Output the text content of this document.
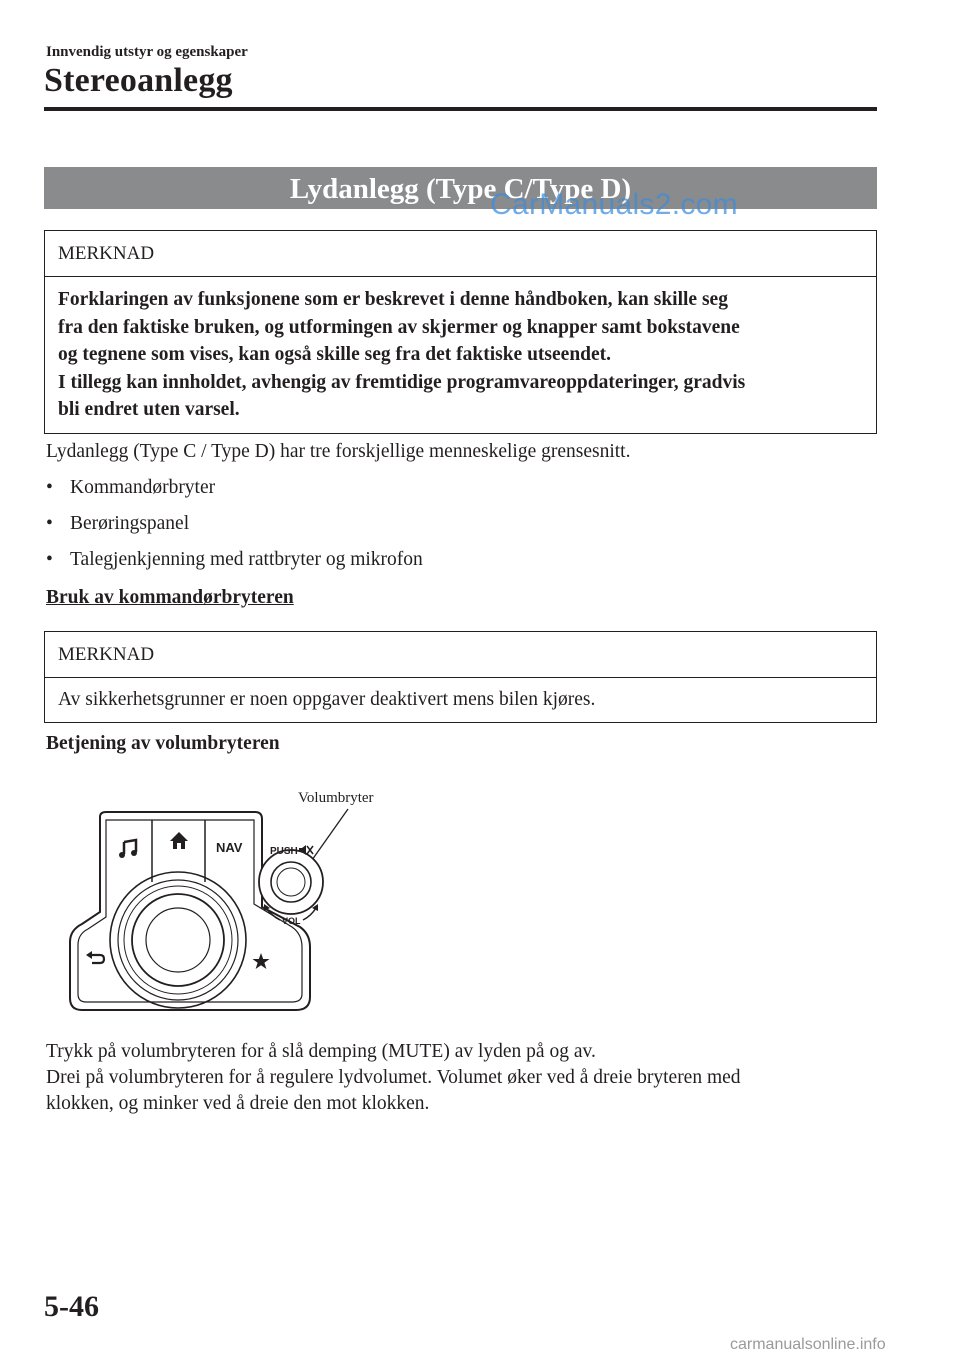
Innvendig utstyr og egenskaper
Stereoanlegg
Lydanlegg (Type C/Type D)
CarManuals2.com
MERKNAD
Forklaringen av funksjonene som er beskrevet i denne håndboken, kan skille seg
fra den faktiske bruken, og utformingen av skjermer og knapper samt bokstavene
og tegnene som vises, kan også skille seg fra det faktiske utseendet.
I tillegg kan innholdet, avhengig av fremtidige programvareoppdateringer, gradvis
bli endret uten varsel.
Lydanlegg (Type C / Type D) har tre forskjellige menneskelige grensesnitt.
• Kommandørbryter
• Berøringspanel
• Talegjenkjenning med rattbryter og mikrofon
Bruk av kommandørbryteren
MERKNAD
Av sikkerhetsgrunner er noen oppgaver deaktivert mens bilen kjøres.
Betjening av volumbryteren
Volumbryter
NAV	PUSH
VOL
Trykk på volumbryteren for å slå demping (MUTE) av lyden på og av.
Drei på volumbryteren for å regulere lydvolumet. Volumet øker ved å dreie bryteren med
klokken, og minker ved å dreie den mot klokken.
5-46
carmanualsonline.info
